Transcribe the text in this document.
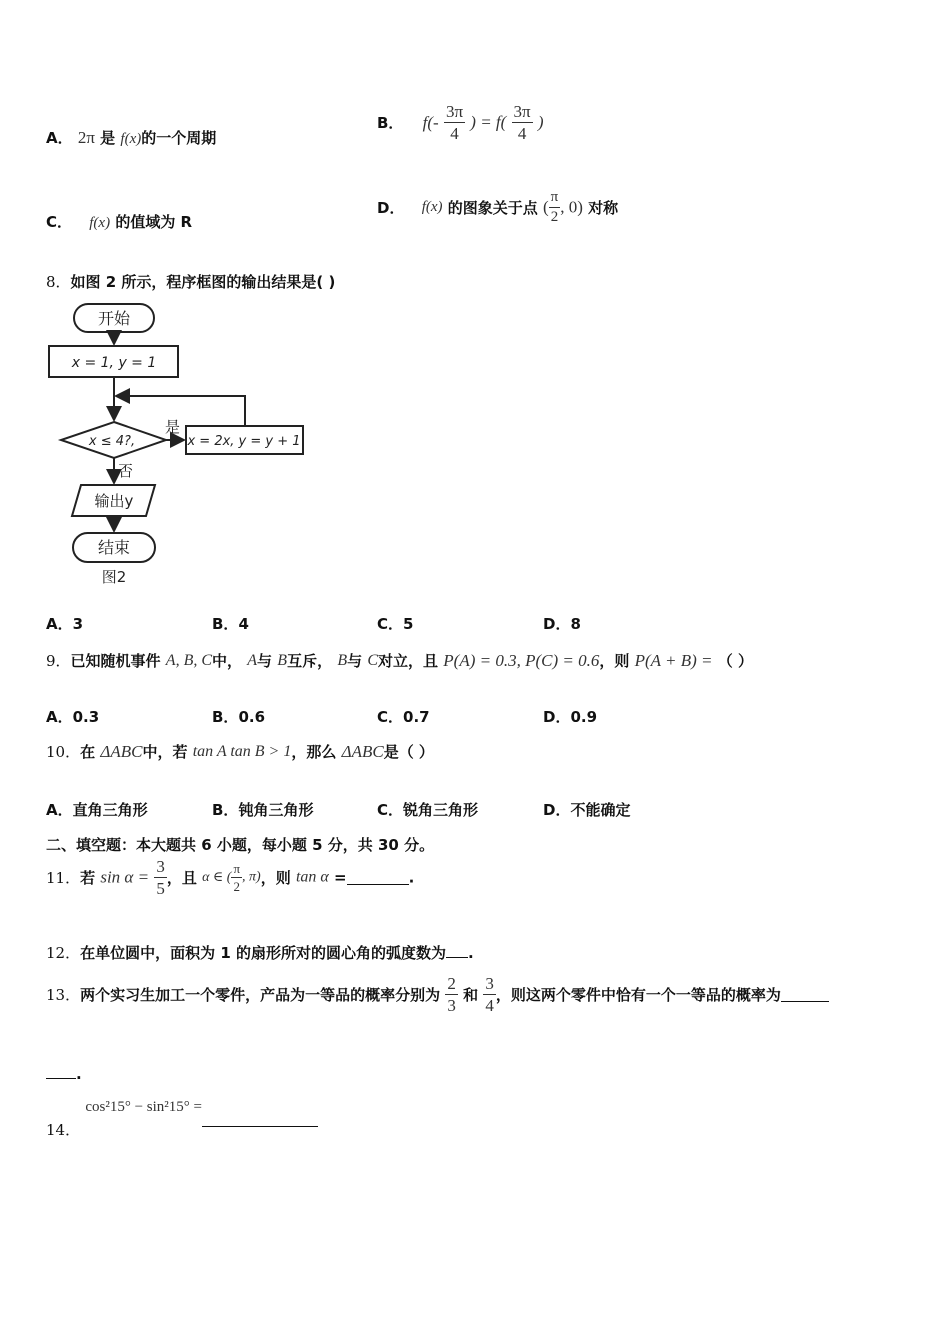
A． 2π 是 f(x)的一个周期
B． $f(- \frac{3\pi}{4}$ ) = $f( \frac{3\pi}{4}$ )
C． f(x) 的值域为 R
D． f(x) 的图象关于点 ( $\frac{\pi}{2}$ , 0) 对称
8．如图 2 所示，程序框图的输出结果是( )
开始
x = 1, y = 1
x ≤ 4?,
是
x = 2x, y = y + 1
否
输出y
结束
图2
A．3	B．4	C．5	D．8
9．已知随机事件 A, B, C中， A与 B互斥， B与 C对立，且 P(A) = 0.3, P(C) = 0.6，则 P(A + B) = （ ）
A．0.3	B．0.6	C．0.7	D．0.9
10．在 ΔABC中，若 tan A tan B > 1，那么 ΔABC是（ ）
A．直角三角形	B．钝角三角形	C．锐角三角形	D．不能确定
二、填空题：本大题共 6 小题，每小题 5 分，共 30 分。
11．若 $\sin \alpha = \frac{3}{5}$ ，且 α ∈ ( $\frac{\pi}{2}$ , π)，则 tan α =	.
12．在单位圆中，面积为 1 的扇形所对的圆心角的弧度数为 .
13．两个实习生加工一个零件，产品为一等品的概率分别为 $\frac{2}{3}$ 和 $\frac{3}{4}$ ，则这两个零件中恰有一个一等品的概率为
.
14． cos²15° − sin²15° =
